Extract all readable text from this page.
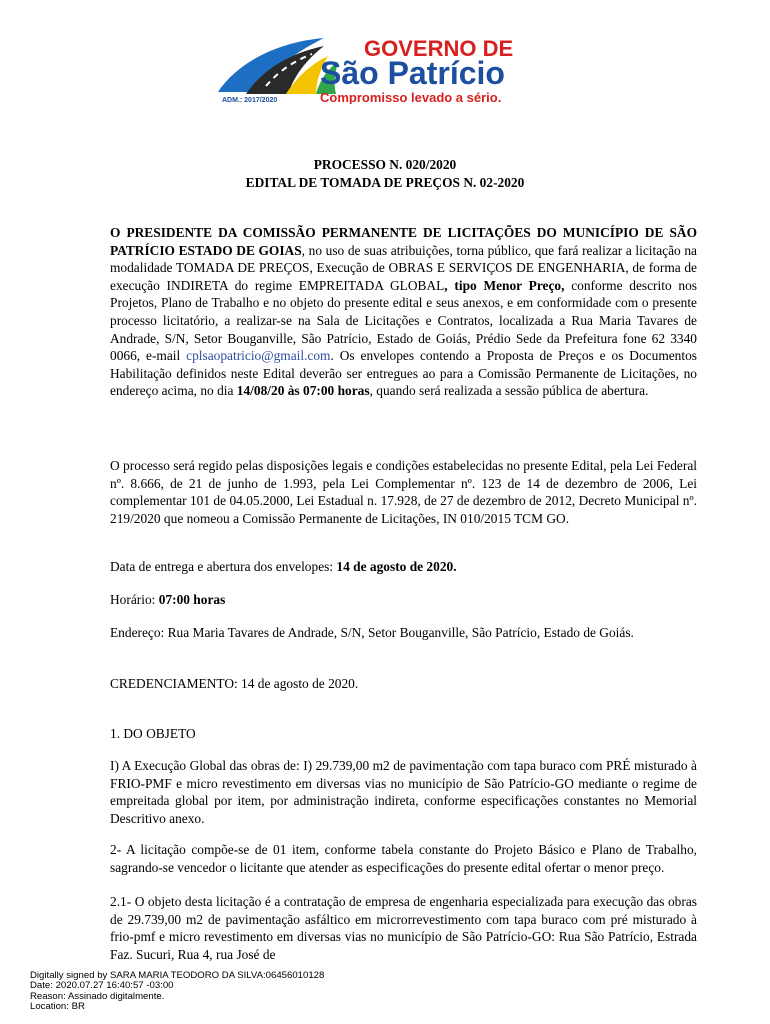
GOVERNO DE
São Patrício
ADM.: 2017/2020	Compromisso levado a sério.
PROCESSO N. 020/2020
EDITAL DE TOMADA DE PREÇOS N. 02-2020
O PRESIDENTE DA COMISSÃO PERMANENTE DE LICITAÇÕES DO MUNICÍPIO DE SÃO PATRÍCIO ESTADO DE GOIAS, no uso de suas atribuições, torna público, que fará realizar a licitação na modalidade TOMADA DE PREÇOS, Execução de OBRAS E SERVIÇOS DE ENGENHARIA, de forma de execução INDIRETA do regime EMPREITADA GLOBAL, tipo Menor Preço, conforme descrito nos Projetos, Plano de Trabalho e no objeto do presente edital e seus anexos, e em conformidade com o presente processo licitatório, a realizar-se na Sala de Licitações e Contratos, localizada a Rua Maria Tavares de Andrade, S/N, Setor Bouganville, São Patrício, Estado de Goiás, Prédio Sede da Prefeitura fone 62 3340 0066, e-mail cplsaopatricio@gmail.com. Os envelopes contendo a Proposta de Preços e os Documentos Habilitação definidos neste Edital deverão ser entregues ao para a Comissão Permanente de Licitações, no endereço acima, no dia 14/08/20 às 07:00 horas, quando será realizada a sessão pública de abertura.
O processo será regido pelas disposições legais e condições estabelecidas no presente Edital, pela Lei Federal nº. 8.666, de 21 de junho de 1.993, pela Lei Complementar nº. 123 de 14 de dezembro de 2006, Lei complementar 101 de 04.05.2000, Lei Estadual n. 17.928, de 27 de dezembro de 2012, Decreto Municipal nº. 219/2020 que nomeou a Comissão Permanente de Licitações, IN 010/2015 TCM GO.
Data de entrega e abertura dos envelopes: 14 de agosto de 2020.
Horário: 07:00 horas
Endereço: Rua Maria Tavares de Andrade, S/N, Setor Bouganville, São Patrício, Estado de Goiás.
CREDENCIAMENTO: 14 de agosto de 2020.
1. DO OBJETO
I) A Execução Global das obras de: I) 29.739,00 m2 de pavimentação com tapa buraco com PRÉ misturado à FRIO-PMF e micro revestimento em diversas vias no município de São Patrício-GO mediante o regime de empreitada global por item, por administração indireta, conforme especificações constantes no Memorial Descritivo anexo.
2- A licitação compõe-se de 01 item, conforme tabela constante do Projeto Básico e Plano de Trabalho, sagrando-se vencedor o licitante que atender as especificações do presente edital ofertar o menor preço.
2.1- O objeto desta licitação é a contratação de empresa de engenharia especializada para execução das obras de 29.739,00 m2 de pavimentação asfáltico em microrrevestimento com tapa buraco com pré misturado à frio-pmf e micro revestimento em diversas vias no município de São Patrício-GO: Rua São Patrício, Estrada Faz. Sucuri, Rua 4, rua José de
Digitally signed by SARA MARIA TEODORO DA SILVA:06456010128
Date: 2020.07.27 16:40:57 -03:00
Reason: Assinado digitalmente.
Location: BR
